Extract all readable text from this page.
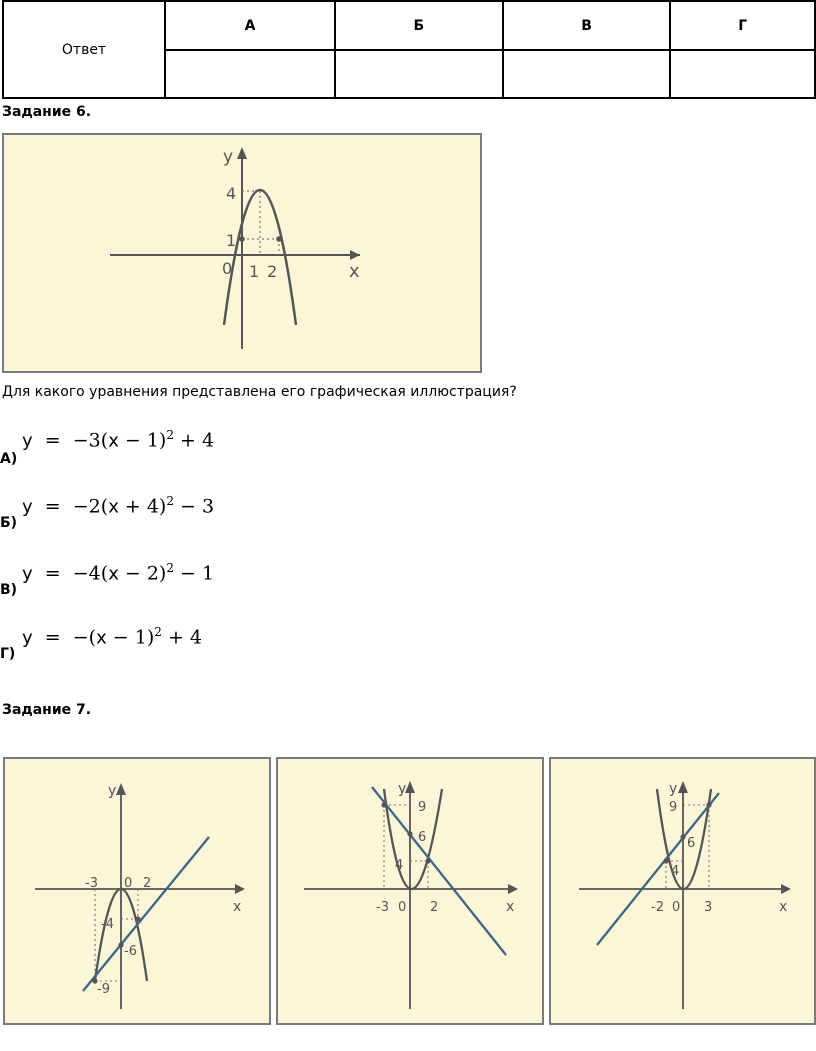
Ответ	А	Б	В	Г

Задание 6.
y
4
1
0 1 2	x
Для какого уравнения представлена его графическая иллюстрация?
А)
$y = -3(x - 1)^2 + 4$
Б)
$y = -2(x + 4)^2 - 3$
В)
$y = -4(x - 2)^2 - 1$
Г)
$y = -(x - 1)^2 + 4$
Задание 7.
y
x
-3 0 2
-4
-6
-9
y
x
-3 0 2
9
6
4
y
x
-2 0 3
9
6
4
